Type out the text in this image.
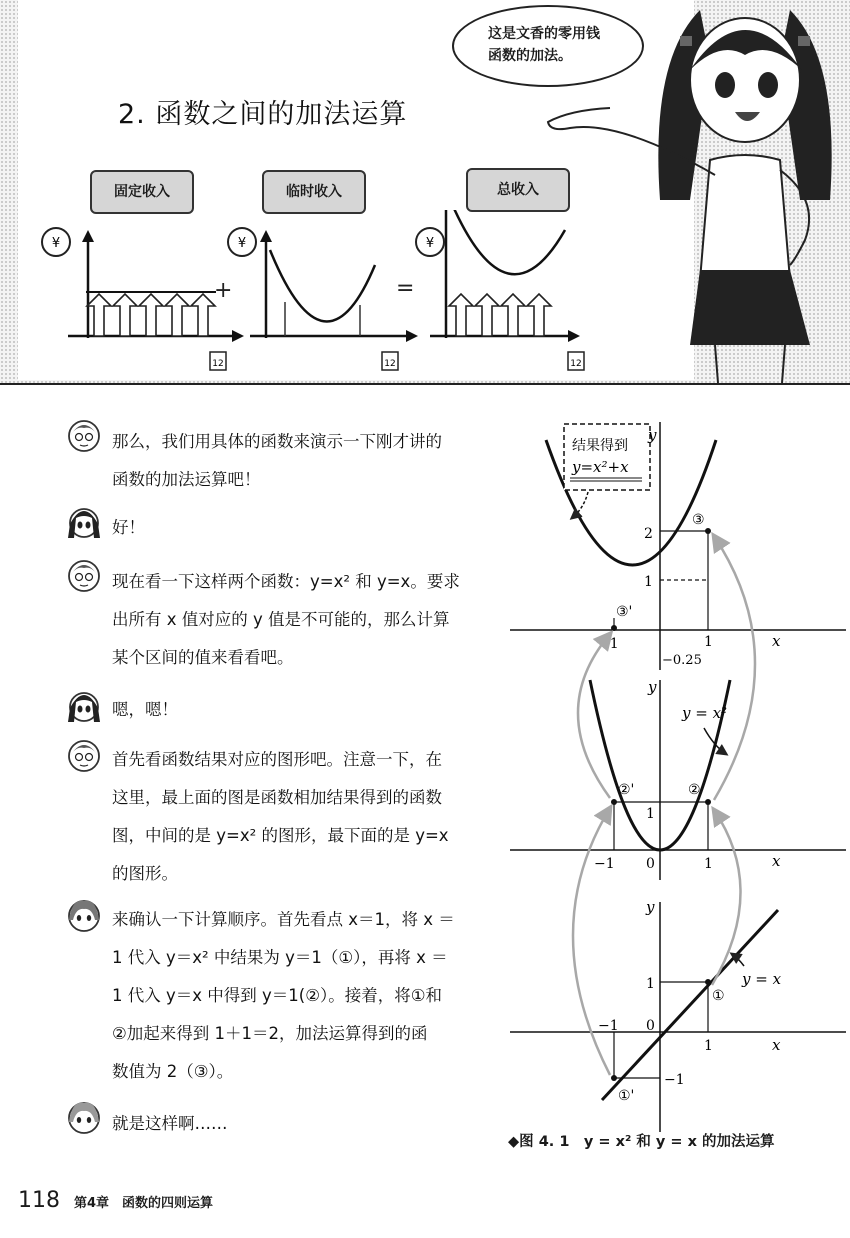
2. 函数之间的加法运算
这是文香的零用钱
函数的加法。
固定收入	临时收入	总收入
+	=
¥
12
¥
12
¥
12
那么，我们用具体的函数来演示一下刚才讲的
函数的加法运算吧！
好！
现在看一下这样两个函数：y=x² 和 y=x。要求
出所有 x 值对应的 y 值是不可能的，那么计算
某个区间的值来看看吧。
嗯，嗯！
首先看函数结果对应的图形吧。注意一下，在
这里，最上面的图是函数相加结果得到的函数
图，中间的是 y=x² 的图形，最下面的是 y=x
的图形。
来确认一下计算顺序。首先看点 x＝1，将 x ＝
1 代入 y＝x² 中结果为 y＝1（①），再将 x ＝
1 代入 y＝x 中得到 y＝1(②）。接着，将①和
②加起来得到 1＋1＝2，加法运算得到的函
数值为 2（③）。
就是这样啊……
结果得到
y=x²+x
y
x
2
1
−1	1
−0.25
③
③'
y
x
y = x²
1
−1 0	1
②
②'
y
x
y = x
1
−1 0
1
−1
①
①'
◆图 4. 1　y = x² 和 y = x 的加法运算
118 第4章　函数的四则运算
